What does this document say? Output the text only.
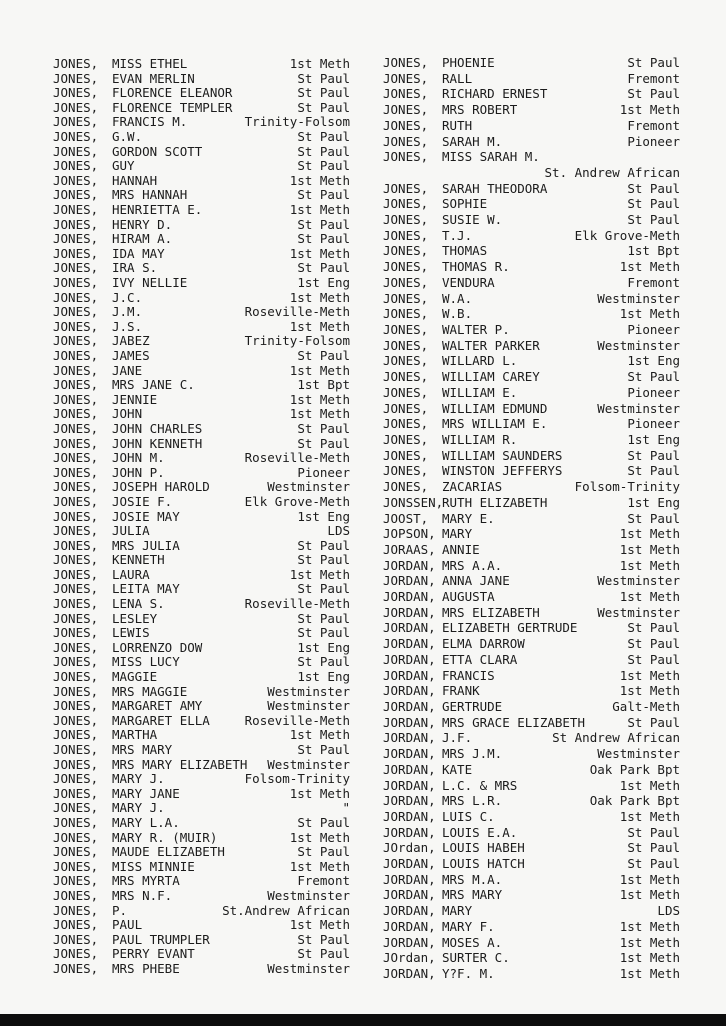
JONES, MISS ETHEL	1st Meth
JONES, EVAN MERLIN	St Paul
JONES, FLORENCE ELEANOR	St Paul
JONES, FLORENCE TEMPLER	St Paul
JONES, FRANCIS M.	Trinity-Folsom
JONES, G.W.	St Paul
JONES, GORDON SCOTT	St Paul
JONES, GUY	St Paul
JONES, HANNAH	1st Meth
JONES, MRS HANNAH	St Paul
JONES, HENRIETTA E.	1st Meth
JONES, HENRY D.	St Paul
JONES, HIRAM A.	St Paul
JONES, IDA MAY	1st Meth
JONES, IRA S.	St Paul
JONES, IVY NELLIE	1st Eng
JONES, J.C.	1st Meth
JONES, J.M.	Roseville-Meth
JONES, J.S.	1st Meth
JONES, JABEZ	Trinity-Folsom
JONES, JAMES	St Paul
JONES, JANE	1st Meth
JONES, MRS JANE C.	1st Bpt
JONES, JENNIE	1st Meth
JONES, JOHN	1st Meth
JONES, JOHN CHARLES	St Paul
JONES, JOHN KENNETH	St Paul
JONES, JOHN M.	Roseville-Meth
JONES, JOHN P.	Pioneer
JONES, JOSEPH HAROLD	Westminster
JONES, JOSIE F.	Elk Grove-Meth
JONES, JOSIE MAY	1st Eng
JONES, JULIA	LDS
JONES, MRS JULIA	St Paul
JONES, KENNETH	St Paul
JONES, LAURA	1st Meth
JONES, LEITA MAY	St Paul
JONES, LENA S.	Roseville-Meth
JONES, LESLEY	St Paul
JONES, LEWIS	St Paul
JONES, LORRENZO DOW	1st Eng
JONES, MISS LUCY	St Paul
JONES, MAGGIE	1st Eng
JONES, MRS MAGGIE	Westminster
JONES, MARGARET AMY	Westminster
JONES, MARGARET ELLA	Roseville-Meth
JONES, MARTHA	1st Meth
JONES, MRS MARY	St Paul
JONES, MRS MARY ELIZABETH	Westminster
JONES, MARY J.	Folsom-Trinity
JONES, MARY JANE	1st Meth
JONES, MARY J.	"
JONES, MARY L.A.	St Paul
JONES, MARY R. (MUIR)	1st Meth
JONES, MAUDE ELIZABETH	St Paul
JONES, MISS MINNIE	1st Meth
JONES, MRS MYRTA	Fremont
JONES, MRS N.F.	Westminster
JONES, P.	St.Andrew African
JONES, PAUL	1st Meth
JONES, PAUL TRUMPLER	St Paul
JONES, PERRY EVANT	St Paul
JONES, MRS PHEBE	Westminster
JONES, PHOENIE	St Paul
JONES, RALL	Fremont
JONES, RICHARD ERNEST	St Paul
JONES, MRS ROBERT	1st Meth
JONES, RUTH	Fremont
JONES, SARAH M.	Pioneer
JONES, MISS SARAH M.
St. Andrew African
JONES, SARAH THEODORA	St Paul
JONES, SOPHIE	St Paul
JONES, SUSIE W.	St Paul
JONES, T.J.	Elk Grove-Meth
JONES, THOMAS	1st Bpt
JONES, THOMAS R.	1st Meth
JONES, VENDURA	Fremont
JONES, W.A.	Westminster
JONES, W.B.	1st Meth
JONES, WALTER P.	Pioneer
JONES, WALTER PARKER	Westminster
JONES, WILLARD L.	1st Eng
JONES, WILLIAM CAREY	St Paul
JONES, WILLIAM E.	Pioneer
JONES, WILLIAM EDMUND	Westminster
JONES, MRS WILLIAM E.	Pioneer
JONES, WILLIAM R.	1st Eng
JONES, WILLIAM SAUNDERS	St Paul
JONES, WINSTON JEFFERYS	St Paul
JONES, ZACARIAS	Folsom-Trinity
JONSSEN,
RUTH ELIZABETH	1st Eng
JOOST, MARY E.	St Paul
JOPSON, MARY	1st Meth
JORAAS, ANNIE	1st Meth
JORDAN, MRS A.A.	1st Meth
JORDAN, ANNA JANE	Westminster
JORDAN, AUGUSTA	1st Meth
JORDAN, MRS ELIZABETH	Westminster
JORDAN, ELIZABETH GERTRUDE	St Paul
JORDAN, ELMA DARROW	St Paul
JORDAN, ETTA CLARA	St Paul
JORDAN, FRANCIS	1st Meth
JORDAN, FRANK	1st Meth
JORDAN, GERTRUDE	Galt-Meth
JORDAN, MRS GRACE ELIZABETH	St Paul
JORDAN, J.F.	St Andrew African
JORDAN, MRS J.M.	Westminster
JORDAN, KATE	Oak Park Bpt
JORDAN, L.C. & MRS	1st Meth
JORDAN, MRS L.R.	Oak Park Bpt
JORDAN, LUIS C.	1st Meth
JORDAN, LOUIS E.A.	St Paul
JOrdan, LOUIS HABEH	St Paul
JORDAN, LOUIS HATCH	St Paul
JORDAN, MRS M.A.	1st Meth
JORDAN, MRS MARY	1st Meth
JORDAN, MARY	LDS
JORDAN, MARY F.	1st Meth
JORDAN, MOSES A.	1st Meth
JOrdan, SURTER C.	1st Meth
JORDAN, Y?F. M.	1st Meth
